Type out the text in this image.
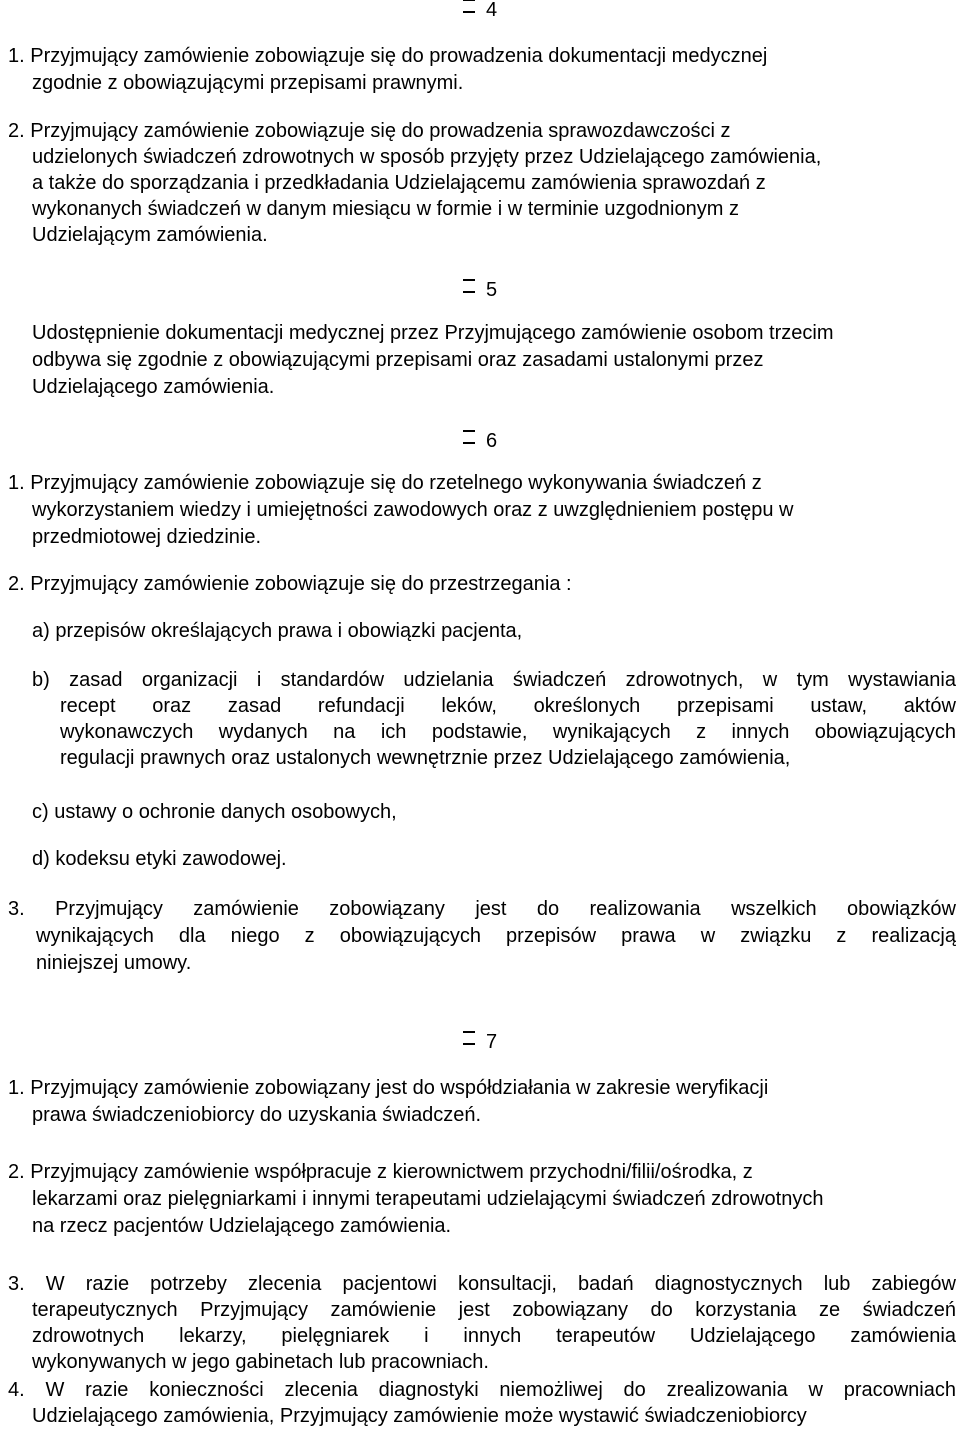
4
1. Przyjmujący zamówienie zobowiązuje się do prowadzenia dokumentacji medycznej
zgodnie z obowiązującymi przepisami prawnymi.
2. Przyjmujący zamówienie zobowiązuje się do prowadzenia sprawozdawczości z
udzielonych świadczeń zdrowotnych w sposób przyjęty przez Udzielającego zamówienia,
a także do sporządzania i przedkładania Udzielającemu zamówienia sprawozdań z
wykonanych świadczeń w danym miesiącu w formie i w terminie uzgodnionym z
Udzielającym zamówienia.
5
Udostępnienie dokumentacji medycznej przez Przyjmującego zamówienie osobom trzecim
odbywa się zgodnie z obowiązującymi przepisami oraz zasadami ustalonymi przez
Udzielającego zamówienia.
6
1. Przyjmujący zamówienie zobowiązuje się do rzetelnego wykonywania świadczeń z
wykorzystaniem wiedzy i umiejętności zawodowych oraz z uwzględnieniem postępu w
przedmiotowej dziedzinie.
2. Przyjmujący zamówienie zobowiązuje się do przestrzegania :
a) przepisów określających prawa i obowiązki pacjenta,
b) zasad organizacji i standardów udzielania świadczeń zdrowotnych, w tym wystawiania
recept oraz zasad refundacji leków, określonych przepisami ustaw, aktów
wykonawczych wydanych na ich podstawie, wynikających z innych obowiązujących
regulacji prawnych oraz ustalonych wewnętrznie przez Udzielającego zamówienia,
c) ustawy o ochronie danych osobowych,
d) kodeksu etyki zawodowej.
3. Przyjmujący zamówienie zobowiązany jest do realizowania wszelkich obowiązków
wynikających dla niego z obowiązujących przepisów prawa w związku z realizacją
niniejszej umowy.
7
1. Przyjmujący zamówienie zobowiązany jest do współdziałania w zakresie weryfikacji
prawa świadczeniobiorcy do uzyskania świadczeń.
2. Przyjmujący zamówienie współpracuje z kierownictwem przychodni/filii/ośrodka, z
lekarzami oraz pielęgniarkami i innymi terapeutami udzielającymi świadczeń zdrowotnych
na rzecz pacjentów Udzielającego zamówienia.
3. W razie potrzeby zlecenia pacjentowi konsultacji, badań diagnostycznych lub zabiegów
terapeutycznych Przyjmujący zamówienie jest zobowiązany do korzystania ze świadczeń
zdrowotnych lekarzy, pielęgniarek i innych terapeutów Udzielającego zamówienia
wykonywanych w jego gabinetach lub pracowniach.
4. W razie konieczności zlecenia diagnostyki niemożliwej do zrealizowania w pracowniach
Udzielającego zamówienia, Przyjmujący zamówienie może wystawić świadczeniobiorcy
